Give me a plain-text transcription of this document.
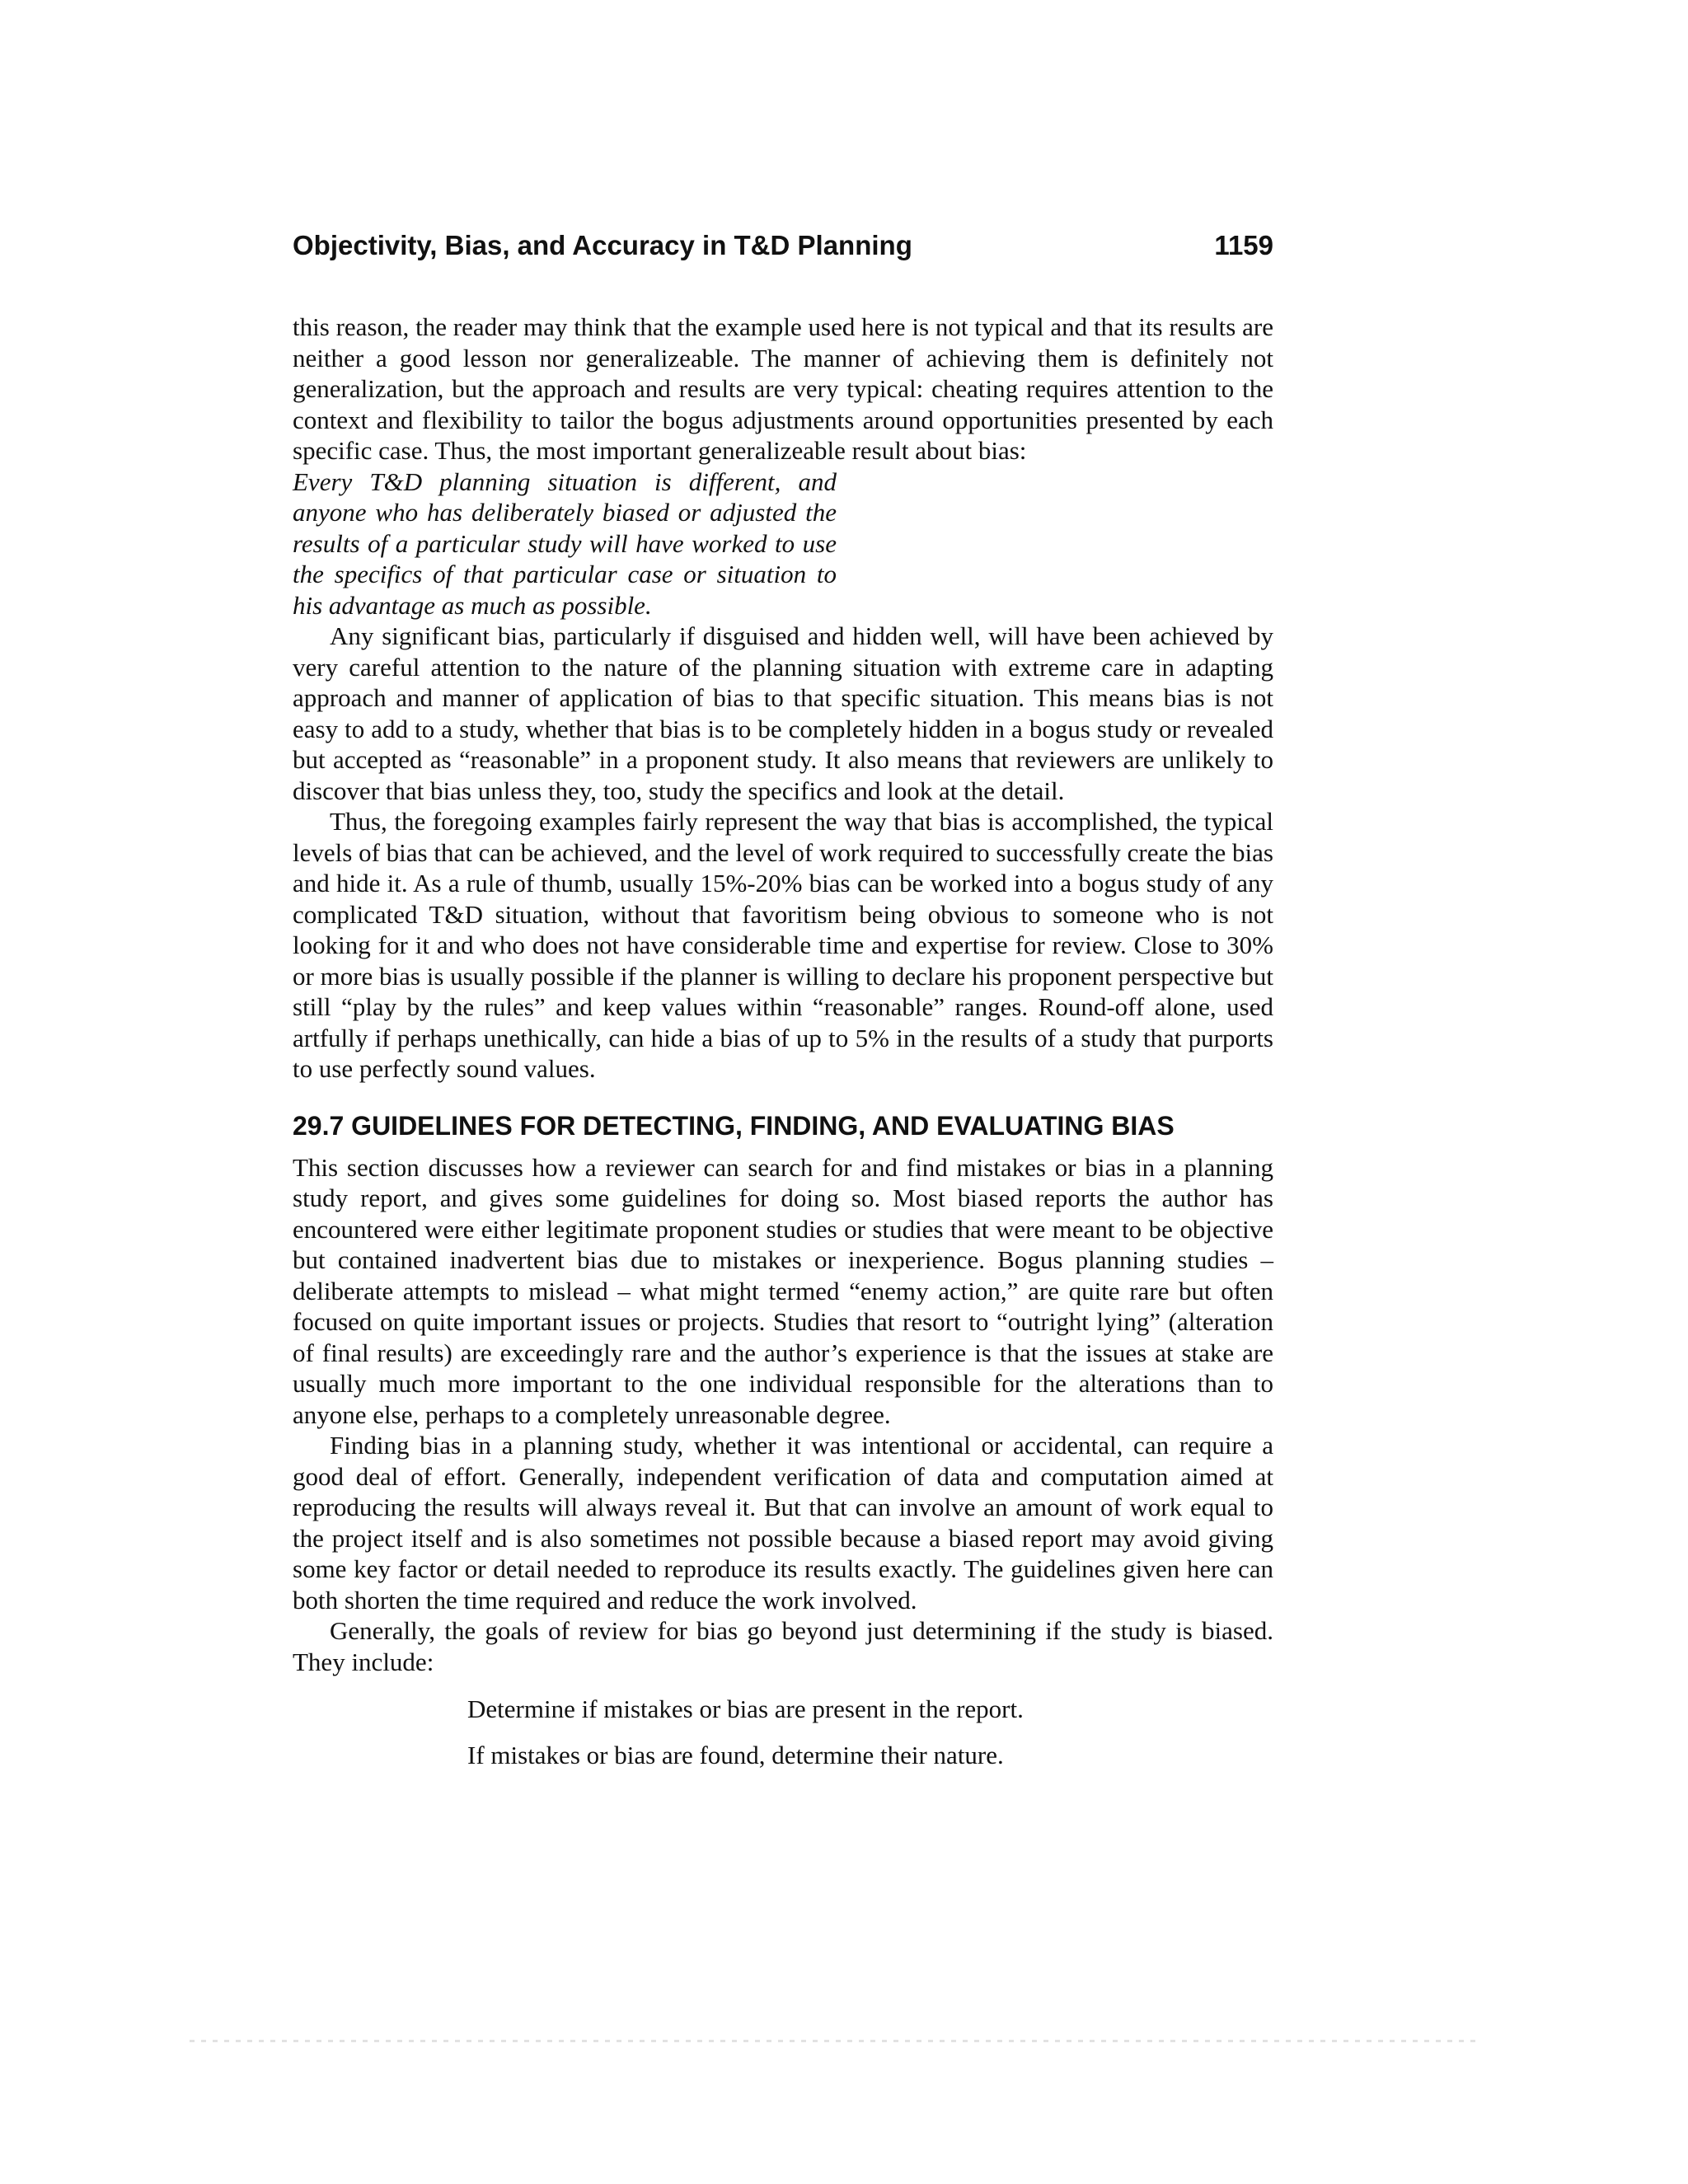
Objectivity, Bias, and Accuracy in T&D Planning	1159

this reason, the reader may think that the example used here is not typical and that its results are neither a good lesson nor generalizeable. The manner of achieving them is definitely not generalization, but the approach and results are very typical: cheating requires attention to the context and flexibility to tailor the bogus adjustments around opportunities presented by each specific case. Thus, the most important generalizeable result about bias:

Every T&D planning situation is different, and anyone who has deliberately biased or adjusted the results of a particular study will have worked to use the specifics of that particular case or situation to his advantage as much as possible.

Any significant bias, particularly if disguised and hidden well, will have been achieved by very careful attention to the nature of the planning situation with extreme care in adapting approach and manner of application of bias to that specific situation. This means bias is not easy to add to a study, whether that bias is to be completely hidden in a bogus study or revealed but accepted as “reasonable” in a proponent study. It also means that reviewers are unlikely to discover that bias unless they, too, study the specifics and look at the detail.

Thus, the foregoing examples fairly represent the way that bias is accomplished, the typical levels of bias that can be achieved, and the level of work required to successfully create the bias and hide it. As a rule of thumb, usually 15%-20% bias can be worked into a bogus study of any complicated T&D situation, without that favoritism being obvious to someone who is not looking for it and who does not have considerable time and expertise for review. Close to 30% or more bias is usually possible if the planner is willing to declare his proponent perspective but still “play by the rules” and keep values within “reasonable” ranges. Round-off alone, used artfully if perhaps unethically, can hide a bias of up to 5% in the results of a study that purports to use perfectly sound values.

29.7 GUIDELINES FOR DETECTING, FINDING, AND EVALUATING BIAS

This section discusses how a reviewer can search for and find mistakes or bias in a planning study report, and gives some guidelines for doing so. Most biased reports the author has encountered were either legitimate proponent studies or studies that were meant to be objective but contained inadvertent bias due to mistakes or inexperience. Bogus planning studies – deliberate attempts to mislead – what might termed “enemy action,” are quite rare but often focused on quite important issues or projects. Studies that resort to “outright lying” (alteration of final results) are exceedingly rare and the author’s experience is that the issues at stake are usually much more important to the one individual responsible for the alterations than to anyone else, perhaps to a completely unreasonable degree.

Finding bias in a planning study, whether it was intentional or accidental, can require a good deal of effort. Generally, independent verification of data and computation aimed at reproducing the results will always reveal it. But that can involve an amount of work equal to the project itself and is also sometimes not possible because a biased report may avoid giving some key factor or detail needed to reproduce its results exactly. The guidelines given here can both shorten the time required and reduce the work involved.

Generally, the goals of review for bias go beyond just determining if the study is biased. They include:

Determine if mistakes or bias are present in the report.
If mistakes or bias are found, determine their nature.
